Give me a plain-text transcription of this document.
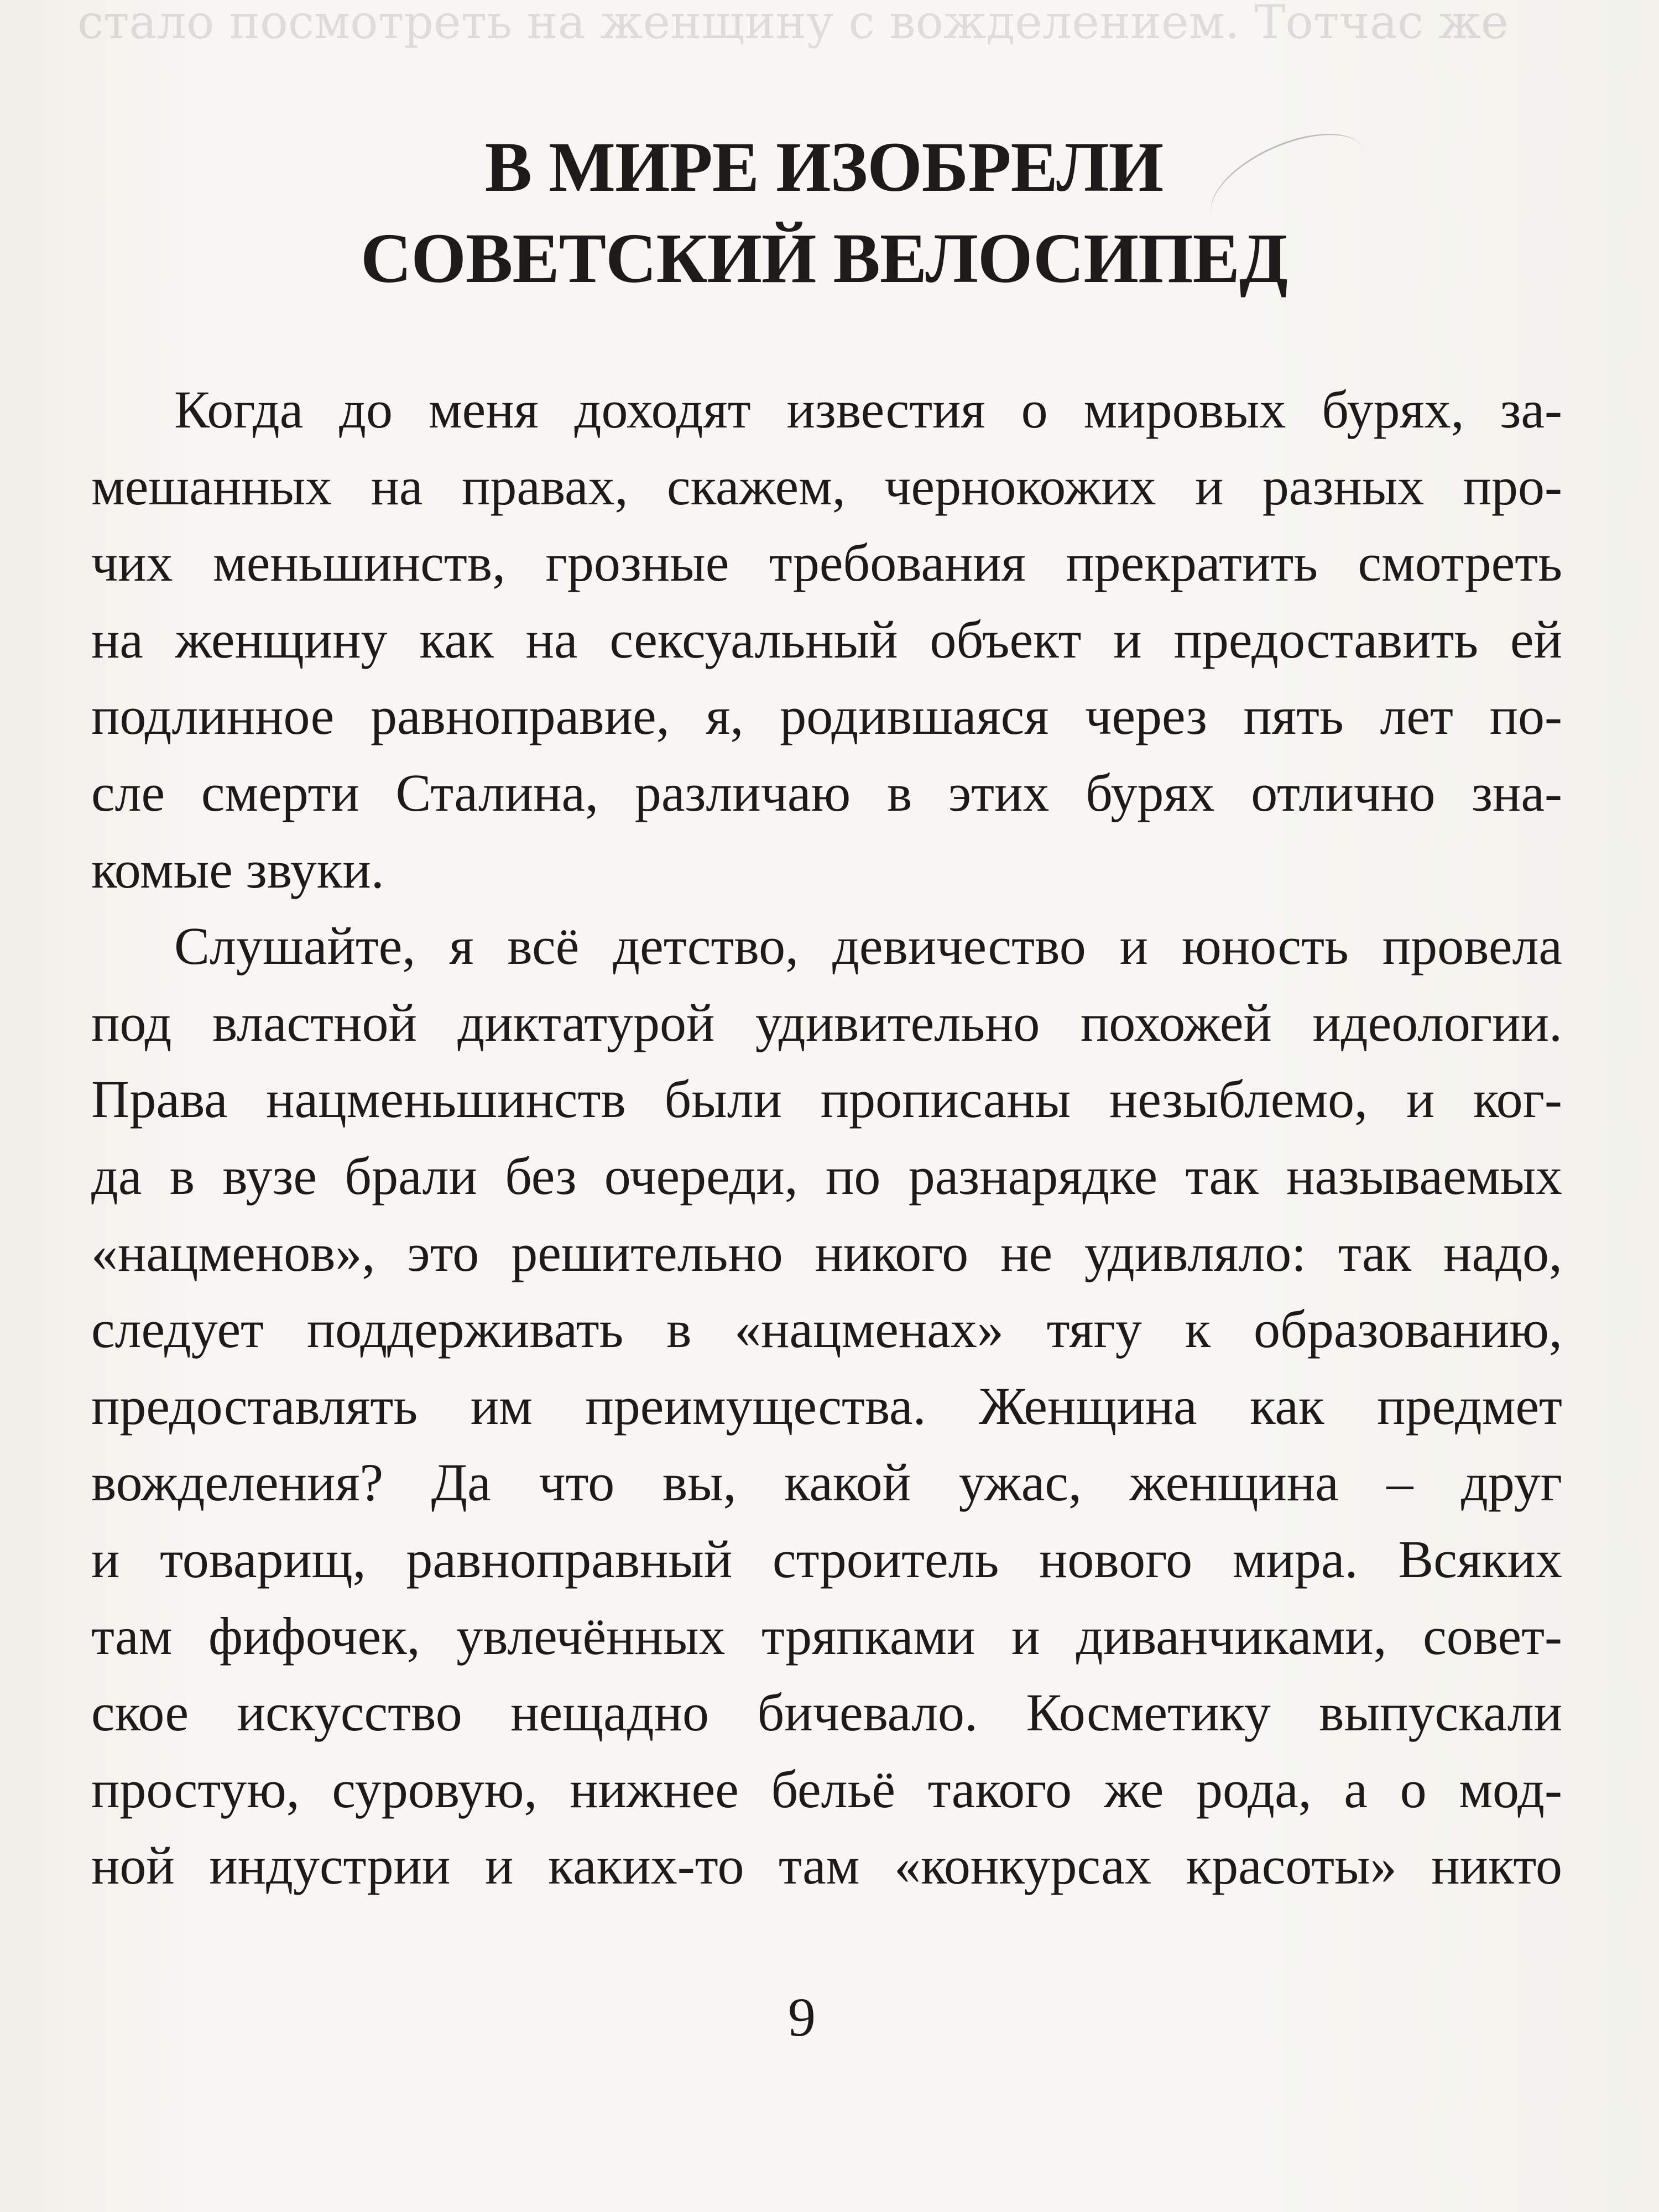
стало посмотреть на женщину с вожделением. Тотчас же
В МИРЕ ИЗОБРЕЛИ
СОВЕТСКИЙ ВЕЛОСИПЕД
Когда до меня доходят известия о мировых бурях, за-
мешанных на правах, скажем, чернокожих и разных про-
чих меньшинств, грозные требования прекратить смотреть
на женщину как на сексуальный объект и предоставить ей
подлинное равноправие, я, родившаяся через пять лет по-
сле смерти Сталина, различаю в этих бурях отлично зна-
комые звуки.
Слушайте, я всё детство, девичество и юность провела
под властной диктатурой удивительно похожей идеологии.
Права нацменьшинств были прописаны незыблемо, и ког-
да в вузе брали без очереди, по разнарядке так называемых
«нацменов», это решительно никого не удивляло: так надо,
следует поддерживать в «нацменах» тягу к образованию,
предоставлять им преимущества. Женщина как предмет
вожделения? Да что вы, какой ужас, женщина – друг
и товарищ, равноправный строитель нового мира. Всяких
там фифочек, увлечённых тряпками и диванчиками, совет-
ское искусство нещадно бичевало. Косметику выпускали
простую, суровую, нижнее бельё такого же рода, а о мод-
ной индустрии и каких-то там «конкурсах красоты» никто
9
